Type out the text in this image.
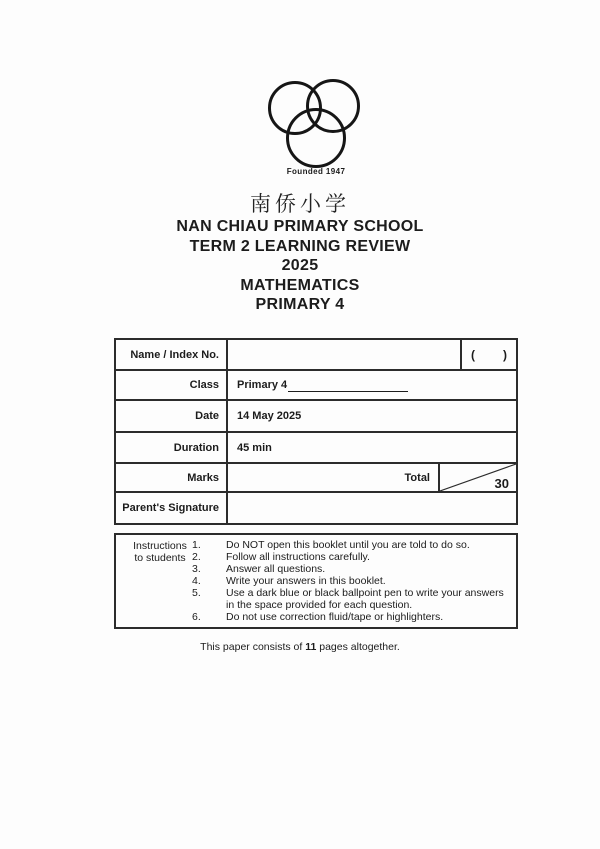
Founded 1947
南侨小学
NAN CHIAU PRIMARY SCHOOL
TERM 2 LEARNING REVIEW
2025
MATHEMATICS
PRIMARY 4
Name / Index No.	( )
Class	Primary 4
Date	14 May 2025
Duration	45 min
Marks	Total	30
Parent's Signature
Instructions
to students
1.	Do NOT open this booklet until you are told to do so.
2.	Follow all instructions carefully.
3.	Answer all questions.
4.	Write your answers in this booklet.
5.	Use a dark blue or black ballpoint pen to write your answers in the space provided for each question.
6.	Do not use correction fluid/tape or highlighters.
This paper consists of 11 pages altogether.
